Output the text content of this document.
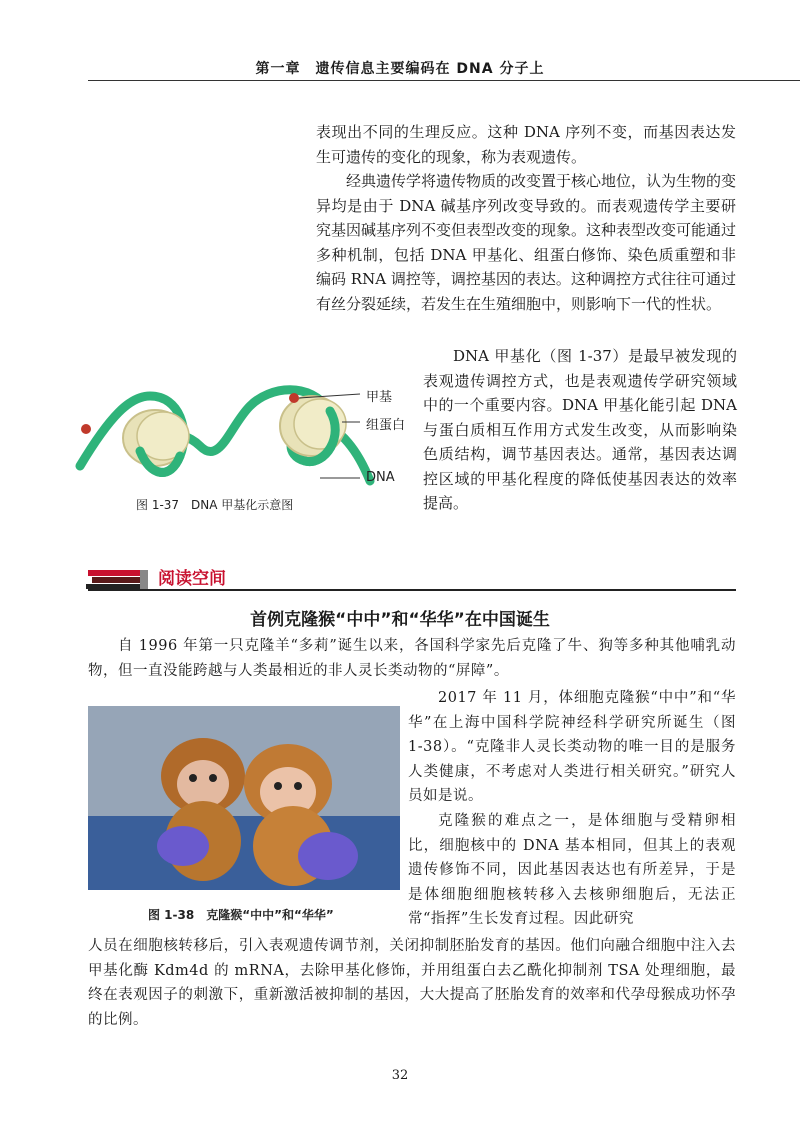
第一章　遗传信息主要编码在 DNA 分子上

表现出不同的生理反应。这种 DNA 序列不变，而基因表达发生可遗传的变化的现象，称为表观遗传。

经典遗传学将遗传物质的改变置于核心地位，认为生物的变异均是由于 DNA 碱基序列改变导致的。而表观遗传学主要研究基因碱基序列不变但表型改变的现象。这种表型改变可能通过多种机制，包括 DNA 甲基化、组蛋白修饰、染色质重塑和非编码 RNA 调控等，调控基因的表达。这种调控方式往往可通过有丝分裂延续，若发生在生殖细胞中，则影响下一代的性状。

甲基
组蛋白
DNA
图 1-37　DNA 甲基化示意图

DNA 甲基化（图 1-37）是最早被发现的表观遗传调控方式，也是表观遗传学研究领域中的一个重要内容。DNA 甲基化能引起 DNA 与蛋白质相互作用方式发生改变，从而影响染色质结构，调节基因表达。通常，基因表达调控区域的甲基化程度的降低使基因表达的效率提高。

阅读空间
首例克隆猴“中中”和“华华”在中国诞生

自 1996 年第一只克隆羊“多莉”诞生以来，各国科学家先后克隆了牛、狗等多种其他哺乳动物，但一直没能跨越与人类最相近的非人灵长类动物的“屏障”。

图 1-38　克隆猴“中中”和“华华”

2017 年 11 月，体细胞克隆猴“中中”和“华华”在上海中国科学院神经科学研究所诞生（图 1-38）。“克隆非人灵长类动物的唯一目的是服务人类健康，不考虑对人类进行相关研究。”研究人员如是说。

克隆猴的难点之一，是体细胞与受精卵相比，细胞核中的 DNA 基本相同，但其上的表观遗传修饰不同，因此基因表达也有所差异，于是是体细胞细胞核转移入去核卵细胞后，无法正常“指挥”生长发育过程。因此研究

人员在细胞核转移后，引入表观遗传调节剂，关闭抑制胚胎发育的基因。他们向融合细胞中注入去甲基化酶 Kdm4d 的 mRNA，去除甲基化修饰，并用组蛋白去乙酰化抑制剂 TSA 处理细胞，最终在表观因子的刺激下，重新激活被抑制的基因，大大提高了胚胎发育的效率和代孕母猴成功怀孕的比例。

32
